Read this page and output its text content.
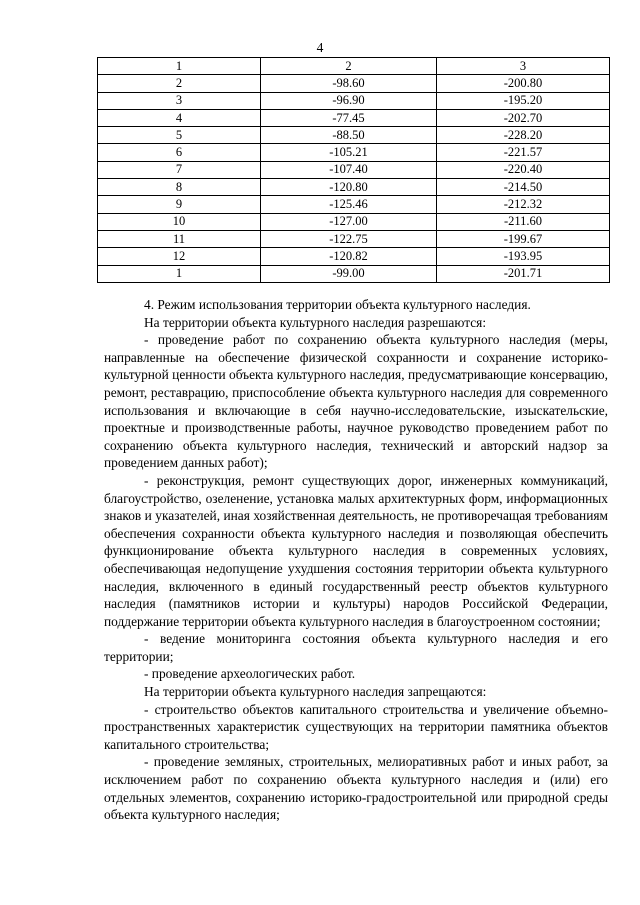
4
1	2	3
2	-98.60	-200.80
3	-96.90	-195.20
4	-77.45	-202.70
5	-88.50	-228.20
6	-105.21	-221.57
7	-107.40	-220.40
8	-120.80	-214.50
9	-125.46	-212.32
10	-127.00	-211.60
11	-122.75	-199.67
12	-120.82	-193.95
1	-99.00	-201.71

4. Режим использования территории объекта культурного наследия.

На территории объекта культурного наследия разрешаются:

- проведение работ по сохранению объекта культурного наследия (меры, направленные на обеспечение физической сохранности и сохранение историко-культурной ценности объекта культурного наследия, предусматривающие консервацию, ремонт, реставрацию, приспособление объекта культурного наследия для современного использования и включающие в себя научно-исследовательские, изыскательские, проектные и производственные работы, научное руководство проведением работ по сохранению объекта культурного наследия, технический и авторский надзор за проведением данных работ);

- реконструкция, ремонт существующих дорог, инженерных коммуникаций, благоустройство, озеленение, установка малых архитектурных форм, информационных знаков и указателей, иная хозяйственная деятельность, не противоречащая требованиям обеспечения сохранности объекта культурного наследия и позволяющая обеспечить функционирование объекта культурного наследия в современных условиях, обеспечивающая недопущение ухудшения состояния территории объекта культурного наследия, включенного в единый государственный реестр объектов культурного наследия (памятников истории и культуры) народов Российской Федерации, поддержание территории объекта культурного наследия в благоустроенном состоянии;

- ведение мониторинга состояния объекта культурного наследия и его территории;

- проведение археологических работ.

На территории объекта культурного наследия запрещаются:

- строительство объектов капитального строительства и увеличение объемно-пространственных характеристик существующих на территории памятника объектов капитального строительства;

- проведение земляных, строительных, мелиоративных работ и иных работ, за исключением работ по сохранению объекта культурного наследия и (или) его отдельных элементов, сохранению историко-градостроительной или природной среды объекта культурного наследия;
